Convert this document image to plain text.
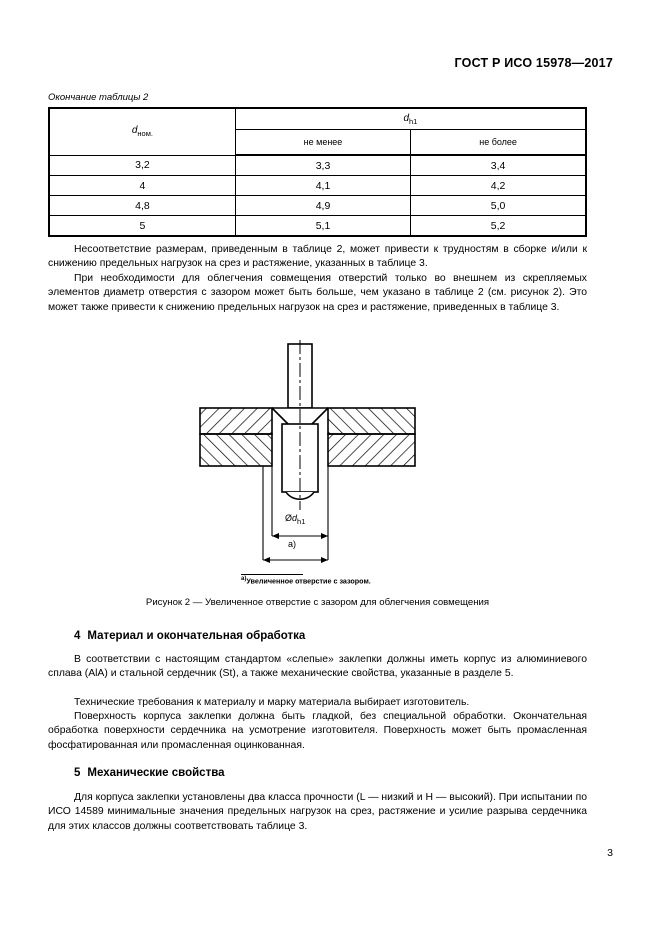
ГОСТ Р ИСО 15978—2017
Окончание таблицы 2
$d_{ном.}$	$d_{h1}$
	не менее	не более
3,2	3,3	3,4
4	4,1	4,2
4,8	4,9	5,0
5	5,1	5,2
Несоответствие размерам, приведенным в таблице 2, может привести к трудностям в сборке и/или к снижению предельных нагрузок на срез и растяжение, указанных в таблице 3.
При необходимости для облегчения совмещения отверстий только во внешнем из скрепляемых элементов диаметр отверстия с зазором может быть больше, чем указано в таблице 2 (см. рисунок 2). Это может также привести к снижению предельных нагрузок на срез и растяжение, приведенных в таблице 3.
$Ød_{h1}$
a)
$^{a)}$Увеличенное отверстие с зазором.
Рисунок 2 — Увеличенное отверстие с зазором для облегчения совмещения
4 Материал и окончательная обработка
В соответствии с настоящим стандартом «слепые» заклепки должны иметь корпус из алюминиевого сплава (AlA) и стальной сердечник (St), а также механические свойства, указанные в разделе 5.
Технические требования к материалу и марку материала выбирает изготовитель.
Поверхность корпуса заклепки должна быть гладкой, без специальной обработки. Окончательная обработка поверхности сердечника на усмотрение изготовителя. Поверхность может быть промасленная фосфатированная или промасленная оцинкованная.
5 Механические свойства
Для корпуса заклепки установлены два класса прочности (L — низкий и H — высокий). При испытании по ИСО 14589 минимальные значения предельных нагрузок на срез, растяжение и усилие разрыва сердечника для этих классов должны соответствовать таблице 3.
3
